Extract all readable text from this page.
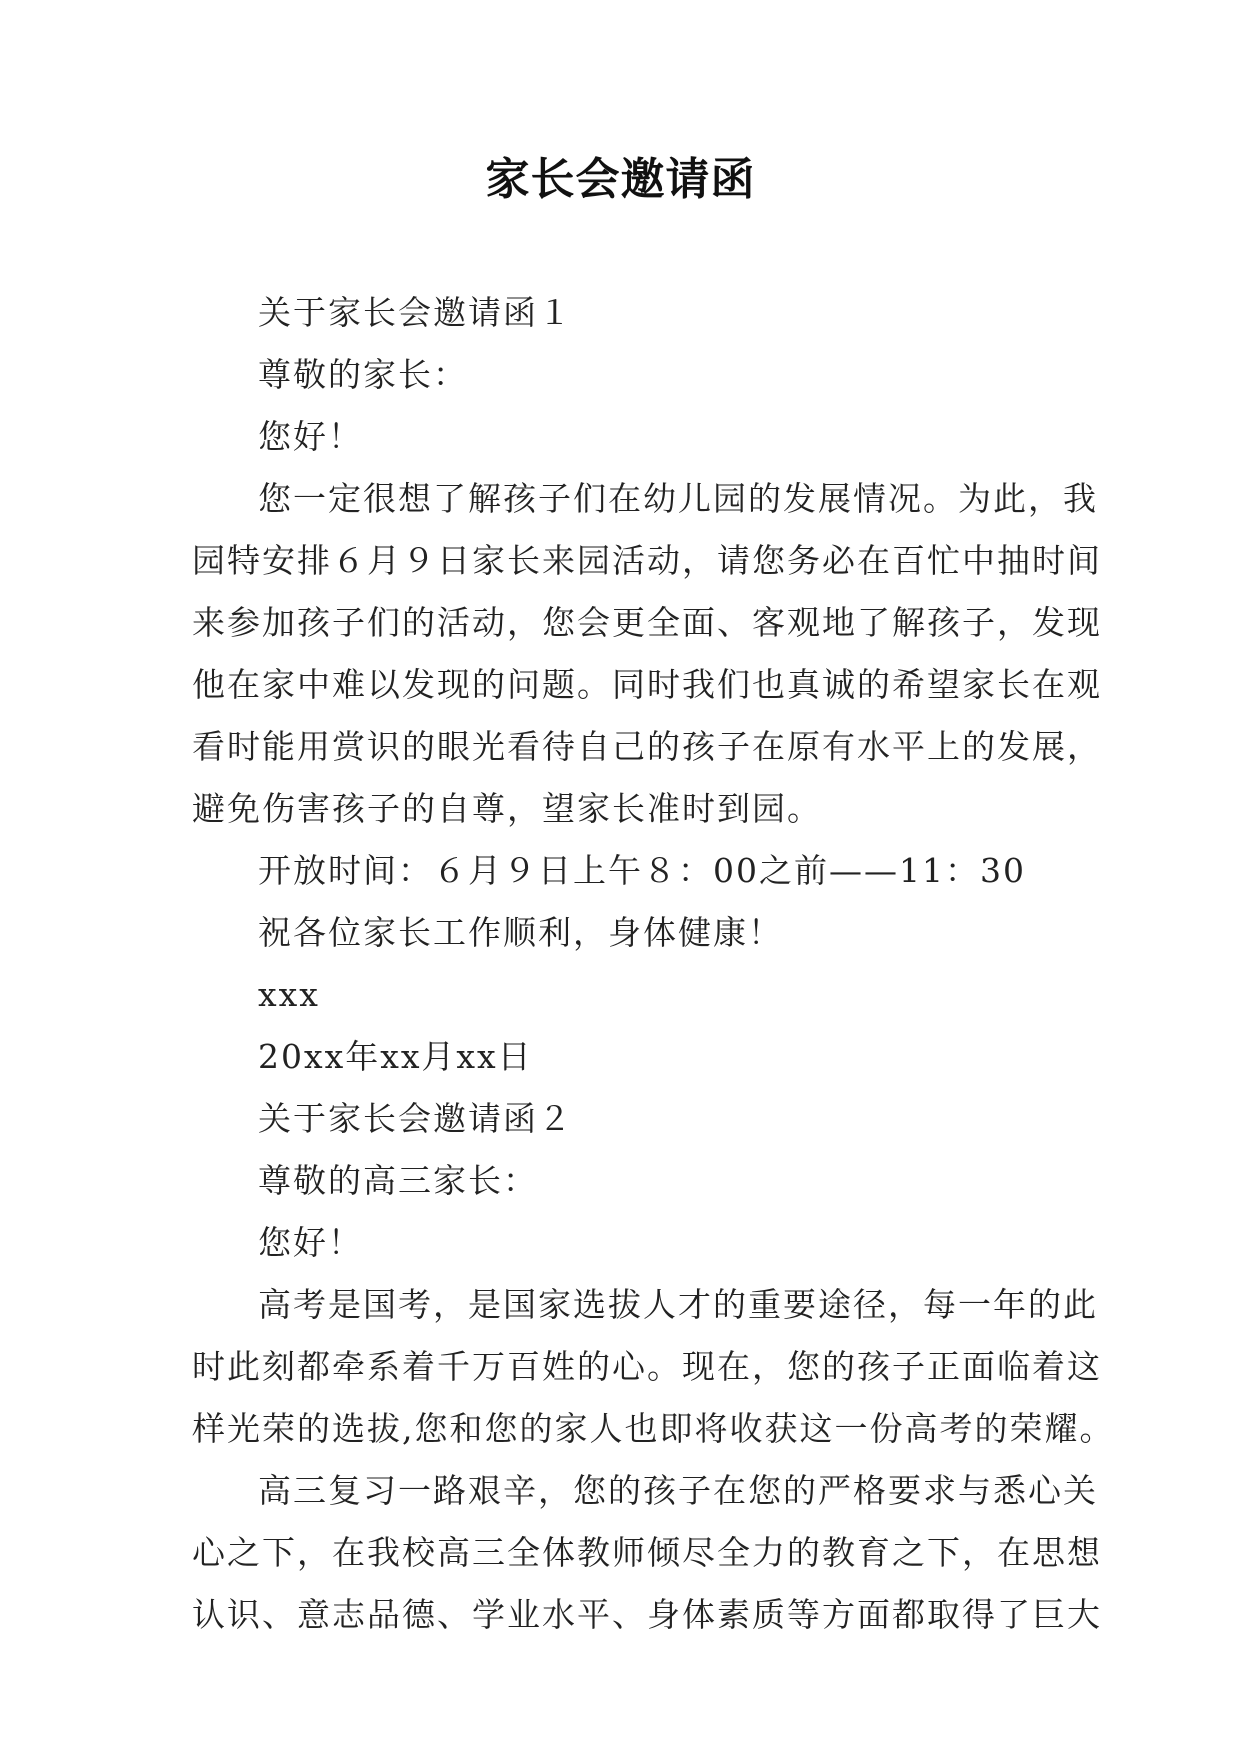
家长会邀请函
关于家长会邀请函１
尊敬的家长：
您好！
您一定很想了解孩子们在幼儿园的发展情况。为此，我
园特安排６月９日家长来园活动，请您务必在百忙中抽时间
来参加孩子们的活动，您会更全面、客观地了解孩子，发现
他在家中难以发现的问题。同时我们也真诚的希望家长在观
看时能用赏识的眼光看待自己的孩子在原有水平上的发展，
避免伤害孩子的自尊，望家长准时到园。
开放时间：６月９日上午８：00之前——11：30
祝各位家长工作顺利，身体健康！
xxx
20xx年xx月xx日
关于家长会邀请函２
尊敬的高三家长：
您好！
高考是国考，是国家选拔人才的重要途径，每一年的此
时此刻都牵系着千万百姓的心。现在，您的孩子正面临着这
样光荣的选拔,您和您的家人也即将收获这一份高考的荣耀。
高三复习一路艰辛，您的孩子在您的严格要求与悉心关
心之下，在我校高三全体教师倾尽全力的教育之下，在思想
认识、意志品德、学业水平、身体素质等方面都取得了巨大
